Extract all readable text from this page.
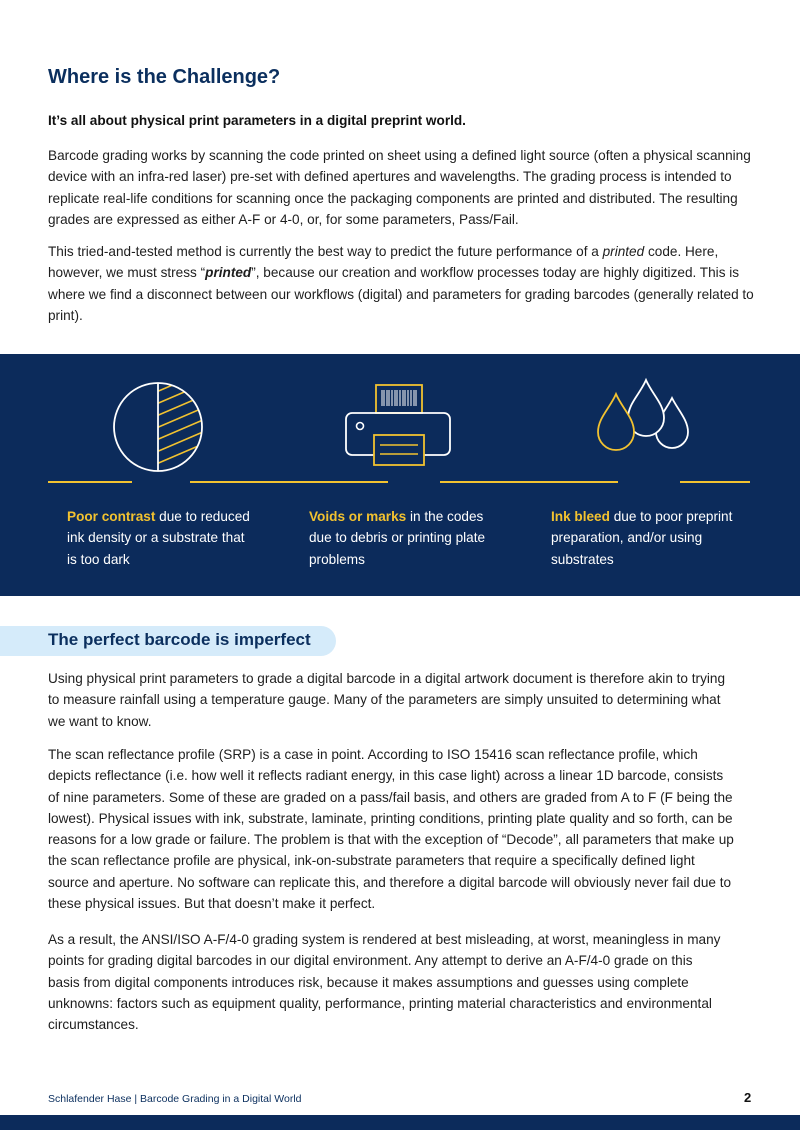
Where is the Challenge?
It’s all about physical print parameters in a digital preprint world.

Barcode grading works by scanning the code printed on sheet using a defined light source (often a physical scanning device with an infra-red laser) pre-set with defined apertures and wavelengths. The grading process is intended to replicate real-life conditions for scanning once the packaging components are printed and distributed. The resulting grades are expressed as either A-F or 4-0, or, for some parameters, Pass/Fail.

This tried-and-tested method is currently the best way to predict the future performance of a printed code. Here, however, we must stress “printed”, because our creation and workflow processes today are highly digitized. This is where we find a disconnect between our workflows (digital) and parameters for grading barcodes (generally related to print).

Poor contrast due to reduced ink density or a substrate that is too dark
Voids or marks in the codes due to debris or printing plate problems
Ink bleed due to poor preprint preparation, and/or using substrates
The perfect barcode is imperfect

Using physical print parameters to grade a digital barcode in a digital artwork document is therefore akin to trying to measure rainfall using a temperature gauge. Many of the parameters are simply unsuited to determining what we want to know.

The scan reflectance profile (SRP) is a case in point. According to ISO 15416 scan reflectance profile, which depicts reflectance (i.e. how well it reflects radiant energy, in this case light) across a linear 1D barcode, consists of nine parameters. Some of these are graded on a pass/fail basis, and others are graded from A to F (F being the lowest). Physical issues with ink, substrate, laminate, printing conditions, printing plate quality and so forth, can be reasons for a low grade or failure. The problem is that with the exception of “Decode”, all parameters that make up the scan reflectance profile are physical, ink-on-substrate parameters that require a specifically defined light source and aperture. No software can replicate this, and therefore a digital barcode will obviously never fail due to these physical issues. But that doesn’t make it perfect.

As a result, the ANSI/ISO A-F/4-0 grading system is rendered at best misleading, at worst, meaningless in many points for grading digital barcodes in our digital environment. Any attempt to derive an A-F/4-0 grade on this basis from digital components introduces risk, because it makes assumptions and guesses using complete unknowns: factors such as equipment quality, performance, printing material characteristics and environmental circumstances.

Schlafender Hase | Barcode Grading in a Digital World	2
